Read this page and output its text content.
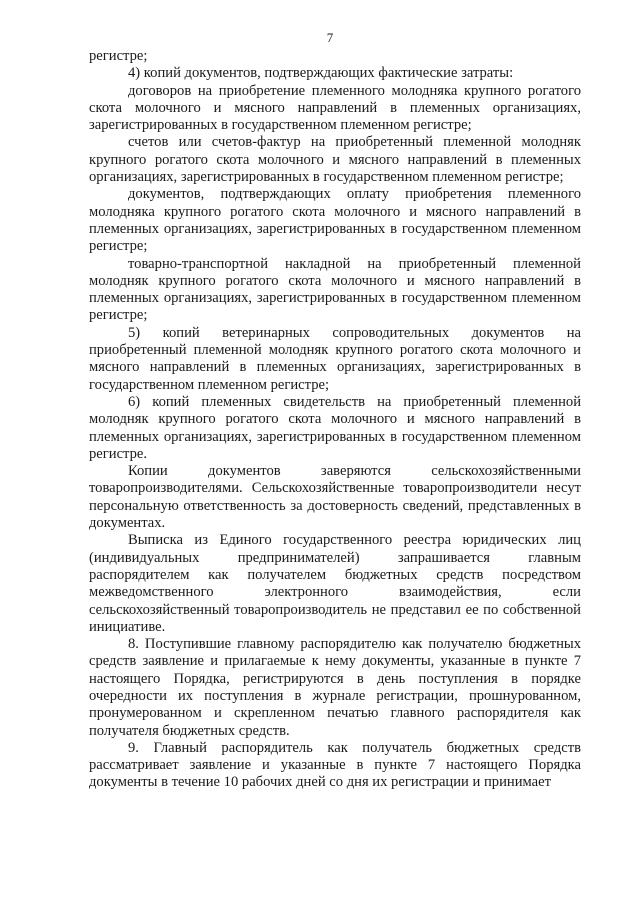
7

регистре;

4) копий документов, подтверждающих фактические затраты:

договоров на приобретение племенного молодняка крупного рогатого скота молочного и мясного направлений в племенных организациях, зарегистрированных в государственном племенном регистре;

счетов или счетов-фактур на приобретенный племенной молодняк крупного рогатого скота молочного и мясного направлений в племенных организациях, зарегистрированных в государственном племенном регистре;

документов, подтверждающих оплату приобретения племенного молодняка крупного рогатого скота молочного и мясного направлений в племенных организациях, зарегистрированных в государственном племенном регистре;

товарно-транспортной накладной на приобретенный племенной молодняк крупного рогатого скота молочного и мясного направлений в племенных организациях, зарегистрированных в государственном племенном регистре;

5) копий ветеринарных сопроводительных документов на приобретенный племенной молодняк крупного рогатого скота молочного и мясного направлений в племенных организациях, зарегистрированных в государственном племенном регистре;

6) копий племенных свидетельств на приобретенный племенной молодняк крупного рогатого скота молочного и мясного направлений в племенных организациях, зарегистрированных в государственном племенном регистре.

Копии документов заверяются сельскохозяйственными товаропроизводителями. Сельскохозяйственные товаропроизводители несут персональную ответственность за достоверность сведений, представленных в документах.

Выписка из Единого государственного реестра юридических лиц (индивидуальных предпринимателей) запрашивается главным распорядителем как получателем бюджетных средств посредством межведомственного электронного взаимодействия, если сельскохозяйственный товаропроизводитель не представил ее по собственной инициативе.

8. Поступившие главному распорядителю как получателю бюджетных средств заявление и прилагаемые к нему документы, указанные в пункте 7 настоящего Порядка, регистрируются в день поступления в порядке очередности их поступления в журнале регистрации, прошнурованном, пронумерованном и скрепленном печатью главного распорядителя как получателя бюджетных средств.

9. Главный распорядитель как получатель бюджетных средств рассматривает заявление и указанные в пункте 7 настоящего Порядка документы в течение 10 рабочих дней со дня их регистрации и принимает
